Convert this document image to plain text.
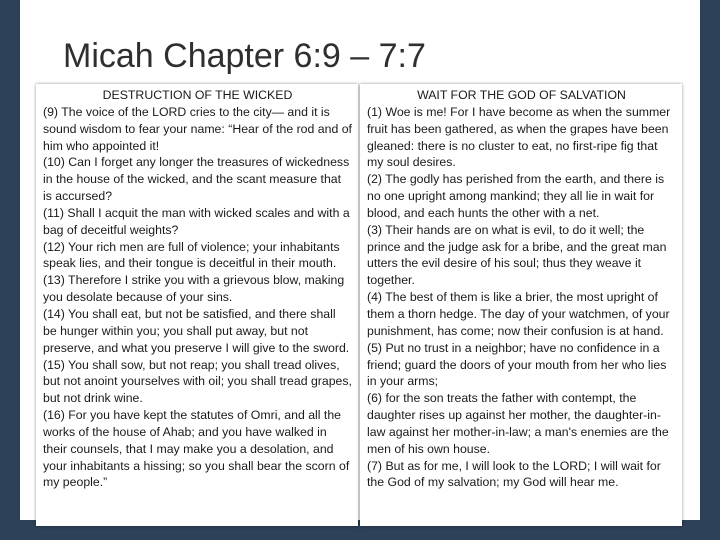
Micah Chapter 6:9 – 7:7

DESTRUCTION OF THE WICKED

(9) The voice of the LORD cries to the city— and it is sound wisdom to fear your name: “Hear of the rod and of him who appointed it!

(10) Can I forget any longer the treasures of wickedness in the house of the wicked, and the scant measure that is accursed?

(11) Shall I acquit the man with wicked scales and with a bag of deceitful weights?

(12) Your rich men are full of violence; your inhabitants speak lies, and their tongue is deceitful in their mouth.

(13) Therefore I strike you with a grievous blow, making you desolate because of your sins.

(14) You shall eat, but not be satisfied, and there shall be hunger within you; you shall put away, but not preserve, and what you preserve I will give to the sword.

(15) You shall sow, but not reap; you shall tread olives, but not anoint yourselves with oil; you shall tread grapes, but not drink wine.

(16) For you have kept the statutes of Omri, and all the works of the house of Ahab; and you have walked in their counsels, that I may make you a desolation, and your inhabitants a hissing; so you shall bear the scorn of my people.”

WAIT FOR THE GOD OF SALVATION

(1) Woe is me! For I have become as when the summer fruit has been gathered, as when the grapes have been gleaned: there is no cluster to eat, no first-ripe fig that my soul desires.

(2) The godly has perished from the earth, and there is no one upright among mankind; they all lie in wait for blood, and each hunts the other with a net.

(3) Their hands are on what is evil, to do it well; the prince and the judge ask for a bribe, and the great man utters the evil desire of his soul; thus they weave it together.

(4) The best of them is like a brier, the most upright of them a thorn hedge. The day of your watchmen, of your punishment, has come; now their confusion is at hand.

(5) Put no trust in a neighbor; have no confidence in a friend; guard the doors of your mouth from her who lies in your arms;

(6) for the son treats the father with contempt, the daughter rises up against her mother, the daughter-in-law against her mother-in-law; a man's enemies are the men of his own house.

(7) But as for me, I will look to the LORD; I will wait for the God of my salvation; my God will hear me.
